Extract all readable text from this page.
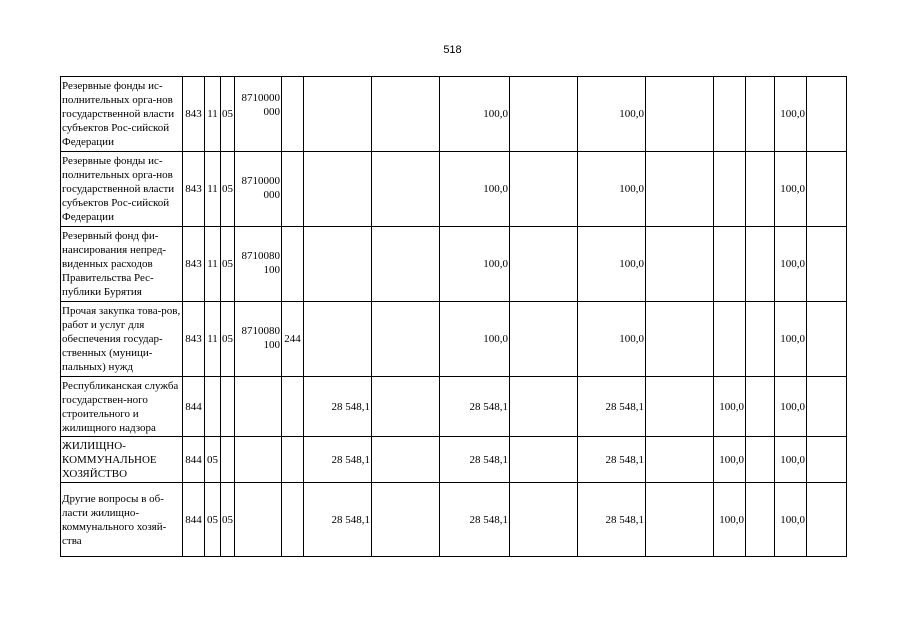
518
Резервные фонды ис-полнительных орга-нов государственной власти субъектов Рос-сийской Федерации	843	11	05	8710000 000				100,0		100,0				100,0	
Резервные фонды ис-полнительных орга-нов государственной власти субъектов Рос-сийской Федерации	843	11	05	8710000 000				100,0		100,0				100,0	
Резервный фонд фи-нансирования непред-виденных расходов Правительства Рес-публики Бурятия	843	11	05	8710080 100				100,0		100,0				100,0	
Прочая закупка това-ров, работ и услуг для обеспечения государ-ственных (муници-пальных) нужд	843	11	05	8710080 100	244			100,0		100,0				100,0	
Республиканская служба государствен-ного строительного и жилищного надзора	844					28 548,1		28 548,1		28 548,1		100,0		100,0	
ЖИЛИЩНО-КОММУНАЛЬНОЕ ХОЗЯЙСТВО	844	05				28 548,1		28 548,1		28 548,1		100,0		100,0	
Другие вопросы в об-ласти жилищно-коммунального хозяй-ства	844	05	05			28 548,1		28 548,1		28 548,1		100,0		100,0	
